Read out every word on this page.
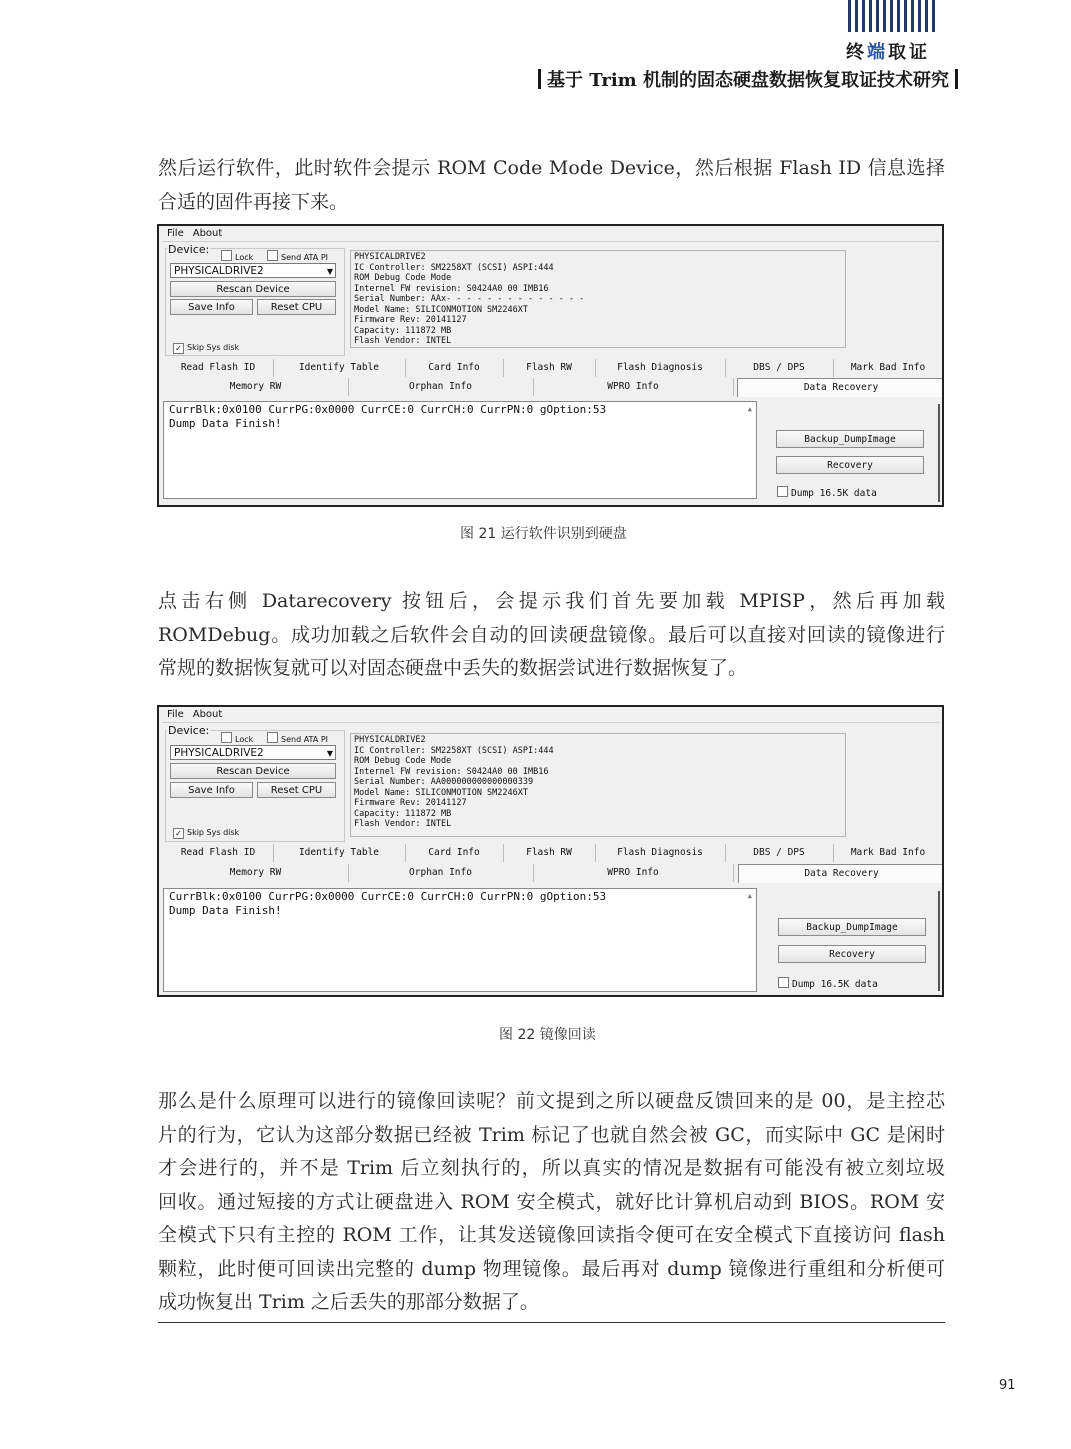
终端取证
基于 Trim 机制的固态硬盘数据恢复取证技术研究
然后运行软件，此时软件会提示 ROM Code Mode Device，然后根据 Flash ID 信息选择
合适的固件再接下来。
File About
Device:
Lock	Send ATA PI
PHYSICALDRIVE2	▼
Rescan Device
Save Info	Reset CPU
✓ Skip Sys disk
PHYSICALDRIVE2
IC Controller: SM2258XT (SCSI) ASPI:444
ROM Debug Code Mode
Internel FW revision: S0424A0 00 IMB16
Serial Number: AAx- - - - - - - - - - - - - -
Model Name: SILICONMOTION SM2246XT
Firmware Rev: 20141127
Capacity: 111872 MB
Flash Vendor: INTEL
Read Flash ID	Identify Table	Card Info	Flash RW	Flash Diagnosis	DBS / DPS	Mark Bad Info
Memory RW	Orphan Info	WPRO Info	Data Recovery
CurrBlk:0x0100 CurrPG:0x0000 CurrCE:0 CurrCH:0 CurrPN:0 gOption:53
Dump Data Finish!
▲
Backup_DumpImage
Recovery
Dump 16.5K data
图 21 运行软件识别到硬盘
点击右侧 Datarecovery 按钮后，会提示我们首先要加载 MPISP，然后再加载
ROMDebug。成功加载之后软件会自动的回读硬盘镜像。最后可以直接对回读的镜像进行
常规的数据恢复就可以对固态硬盘中丢失的数据尝试进行数据恢复了。
File About
Device:
Lock	Send ATA PI
PHYSICALDRIVE2	▼
Rescan Device
Save Info	Reset CPU
✓ Skip Sys disk
PHYSICALDRIVE2
IC Controller: SM2258XT (SCSI) ASPI:444
ROM Debug Code Mode
Internel FW revision: S0424A0 00 IMB16
Serial Number: AA000000000000000339
Model Name: SILICONMOTION SM2246XT
Firmware Rev: 20141127
Capacity: 111872 MB
Flash Vendor: INTEL
Read Flash ID	Identify Table	Card Info	Flash RW	Flash Diagnosis	DBS / DPS	Mark Bad Info
Memory RW	Orphan Info	WPRO Info	Data Recovery
CurrBlk:0x0100 CurrPG:0x0000 CurrCE:0 CurrCH:0 CurrPN:0 gOption:53
Dump Data Finish!
▲
Backup_DumpImage
Recovery
Dump 16.5K data
图 22 镜像回读
那么是什么原理可以进行的镜像回读呢？前文提到之所以硬盘反馈回来的是 00，是主控芯
片的行为，它认为这部分数据已经被 Trim 标记了也就自然会被 GC，而实际中 GC 是闲时
才会进行的，并不是 Trim 后立刻执行的，所以真实的情况是数据有可能没有被立刻垃圾
回收。通过短接的方式让硬盘进入 ROM 安全模式，就好比计算机启动到 BIOS。ROM 安
全模式下只有主控的 ROM 工作，让其发送镜像回读指令便可在安全模式下直接访问 flash
颗粒，此时便可回读出完整的 dump 物理镜像。最后再对 dump 镜像进行重组和分析便可
成功恢复出 Trim 之后丢失的那部分数据了。
91
